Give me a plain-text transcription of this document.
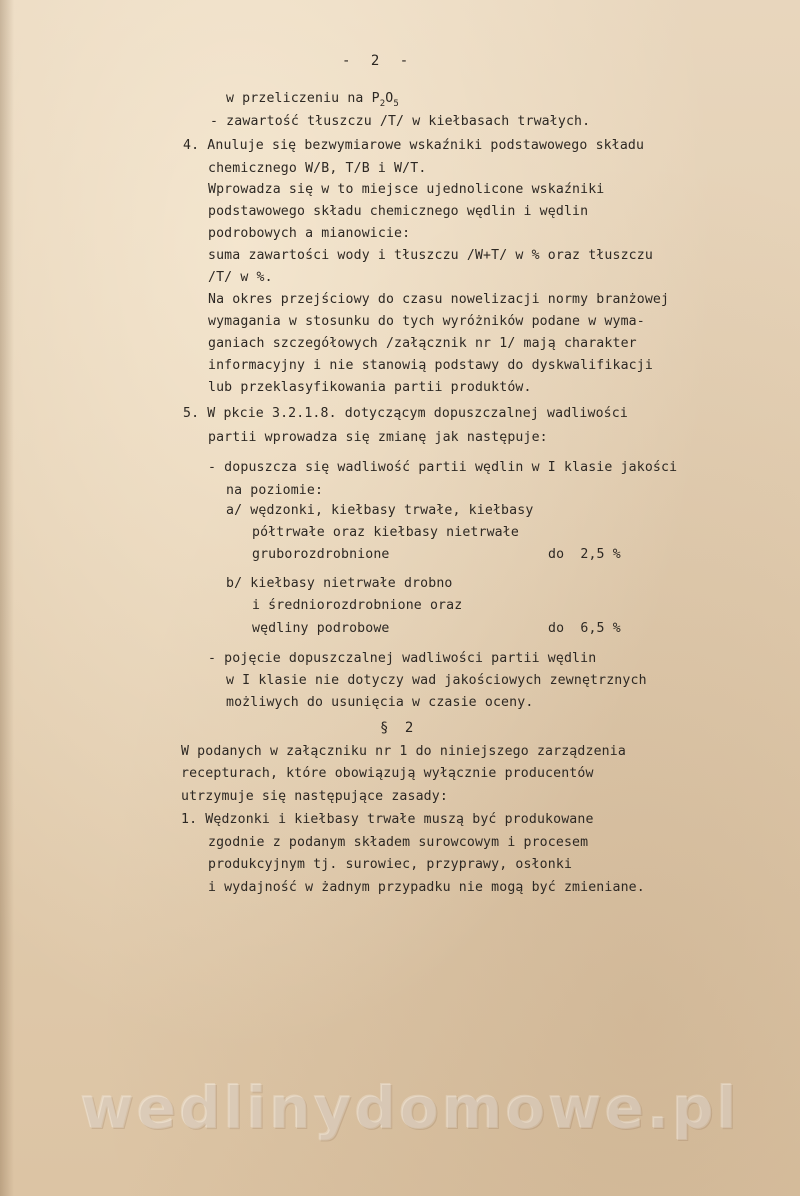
- 2 -
w przeliczeniu na $P_2O_5$
- zawartość tłuszczu /T/ w kiełbasach trwałych.
4. Anuluje się bezwymiarowe wskaźniki podstawowego składu
chemicznego W/B, T/B i W/T.
Wprowadza się w to miejsce ujednolicone wskaźniki
podstawowego składu chemicznego wędlin i wędlin
podrobowych a mianowicie:
suma zawartości wody i tłuszczu /W+T/ w % oraz tłuszczu
/T/ w %.
Na okres przejściowy do czasu nowelizacji normy branżowej
wymagania w stosunku do tych wyróżników podane w wyma-
ganiach szczegółowych /załącznik nr 1/ mają charakter
informacyjny i nie stanowią podstawy do dyskwalifikacji
lub przeklasyfikowania partii produktów.
5. W pkcie 3.2.1.8. dotyczącym dopuszczalnej wadliwości
partii wprowadza się zmianę jak następuje:
- dopuszcza się wadliwość partii wędlin w I klasie jakości
na poziomie:
a/ wędzonki, kiełbasy trwałe, kiełbasy
półtrwałe oraz kiełbasy nietrwałe
gruborozdrobnione	do  2,5 %
b/ kiełbasy nietrwałe drobno
i średniorozdrobnione oraz
wędliny podrobowe	do  6,5 %
- pojęcie dopuszczalnej wadliwości partii wędlin
w I klasie nie dotyczy wad jakościowych zewnętrznych
możliwych do usunięcia w czasie oceny.
§ 2
W podanych w załączniku nr 1 do niniejszego zarządzenia
recepturach, które obowiązują wyłącznie producentów
utrzymuje się następujące zasady:
1. Wędzonki i kiełbasy trwałe muszą być produkowane
zgodnie z podanym składem surowcowym i procesem
produkcyjnym tj. surowiec, przyprawy, osłonki
i wydajność w żadnym przypadku nie mogą być zmieniane.
wedlinydomowe.pl
